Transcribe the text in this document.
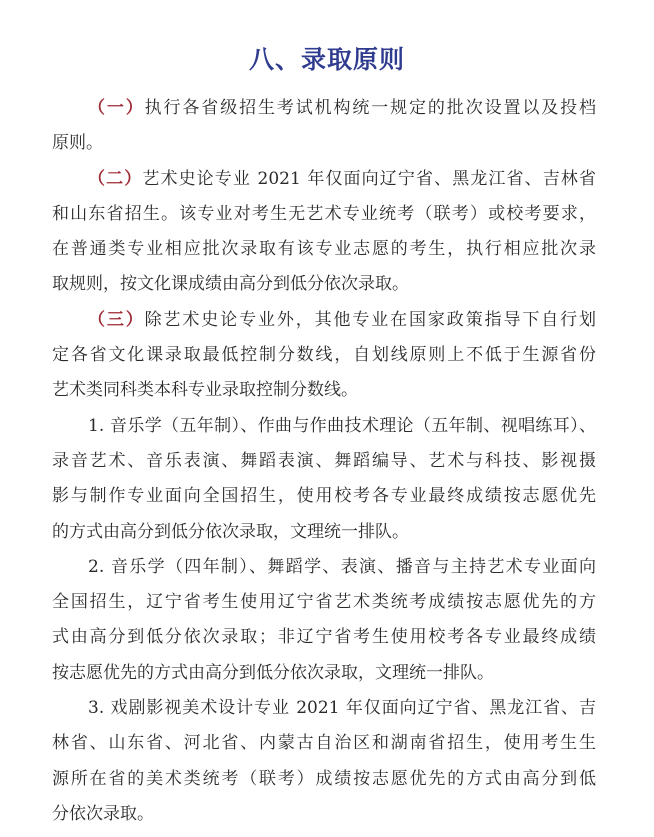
八、录取原则
（一）执行各省级招生考试机构统一规定的批次设置以及投档
原则。
（二）艺术史论专业 2021 年仅面向辽宁省、黑龙江省、吉林省
和山东省招生。该专业对考生无艺术专业统考（联考）或校考要求，
在普通类专业相应批次录取有该专业志愿的考生，执行相应批次录
取规则，按文化课成绩由高分到低分依次录取。
（三）除艺术史论专业外，其他专业在国家政策指导下自行划
定各省文化课录取最低控制分数线，自划线原则上不低于生源省份
艺术类同科类本科专业录取控制分数线。
1. 音乐学（五年制）、作曲与作曲技术理论（五年制、视唱练耳）、
录音艺术、音乐表演、舞蹈表演、舞蹈编导、艺术与科技、影视摄
影与制作专业面向全国招生，使用校考各专业最终成绩按志愿优先
的方式由高分到低分依次录取，文理统一排队。
2. 音乐学（四年制）、舞蹈学、表演、播音与主持艺术专业面向
全国招生，辽宁省考生使用辽宁省艺术类统考成绩按志愿优先的方
式由高分到低分依次录取；非辽宁省考生使用校考各专业最终成绩
按志愿优先的方式由高分到低分依次录取，文理统一排队。
3. 戏剧影视美术设计专业 2021 年仅面向辽宁省、黑龙江省、吉
林省、山东省、河北省、内蒙古自治区和湖南省招生，使用考生生
源所在省的美术类统考（联考）成绩按志愿优先的方式由高分到低
分依次录取。
